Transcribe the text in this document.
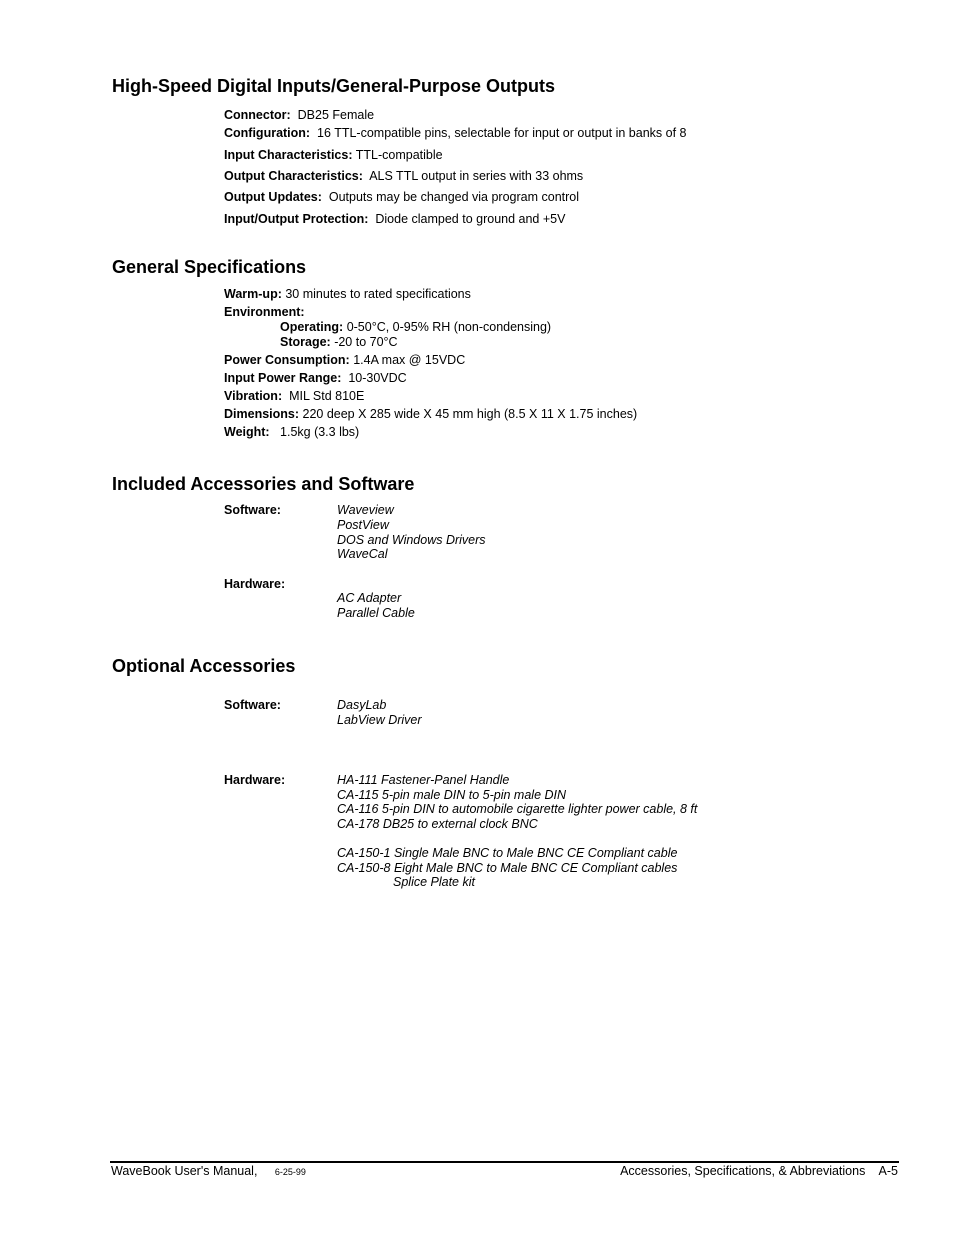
High-Speed Digital Inputs/General-Purpose Outputs
Connector: DB25 Female
Configuration: 16 TTL-compatible pins, selectable for input or output in banks of 8
Input Characteristics: TTL-compatible
Output Characteristics: ALS TTL output in series with 33 ohms
Output Updates: Outputs may be changed via program control
Input/Output Protection: Diode clamped to ground and +5V
General Specifications
Warm-up: 30 minutes to rated specifications
Environment:
Operating: 0-50°C, 0-95% RH (non-condensing)
Storage: -20 to 70°C
Power Consumption: 1.4A max @ 15VDC
Input Power Range: 10-30VDC
Vibration: MIL Std 810E
Dimensions: 220 deep X 285 wide X 45 mm high (8.5 X 11 X 1.75 inches)
Weight: 1.5kg (3.3 lbs)
Included Accessories and Software
Software:	Waveview
PostView
DOS and Windows Drivers
WaveCal
Hardware:
AC Adapter
Parallel Cable
Optional Accessories
Software:	DasyLab
LabView Driver
Hardware:	HA-111 Fastener-Panel Handle
CA-115 5-pin male DIN to 5-pin male DIN
CA-116 5-pin DIN to automobile cigarette lighter power cable, 8 ft
CA-178 DB25 to external clock BNC
CA-150-1 Single Male BNC to Male BNC CE Compliant cable
CA-150-8 Eight Male BNC to Male BNC CE Compliant cables
Splice Plate kit
WaveBook User's Manual, 6-25-99	Accessories, Specifications, & Abbreviations A-5
